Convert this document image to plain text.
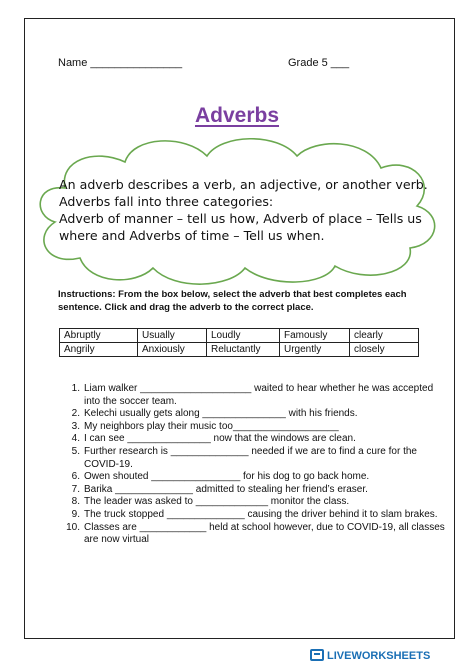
Name _______________	Grade 5 ___
Adverbs
An adverb describes a verb, an adjective, or another verb.
Adverbs fall into three categories:
Adverb of manner – tell us how, Adverb of place – Tells us
where and Adverbs of time – Tell us when.
Instructions: From the box below, select the adverb that best completes each sentence. Click and drag the adverb to the correct place.
Abruptly	Usually	Loudly	Famously	clearly
Angrily	Anxiously	Reluctantly	Urgently	closely
1. Liam walker ____________________ waited to hear whether he was accepted into the soccer team.
2. Kelechi usually gets along _______________ with his friends.
3. My neighbors play their music too___________________
4. I can see _______________ now that the windows are clean.
5. Further research is ______________ needed if we are to find a cure for the COVID-19.
6. Owen shouted ________________ for his dog to go back home.
7. Barika ______________ admitted to stealing her friend’s eraser.
8. The leader was asked to _____________ monitor the class.
9. The truck stopped ______________ causing the driver behind it to slam brakes.
10. Classes are ____________ held at school however, due to COVID-19, all classes are now virtual
LIVEWORKSHEETS
